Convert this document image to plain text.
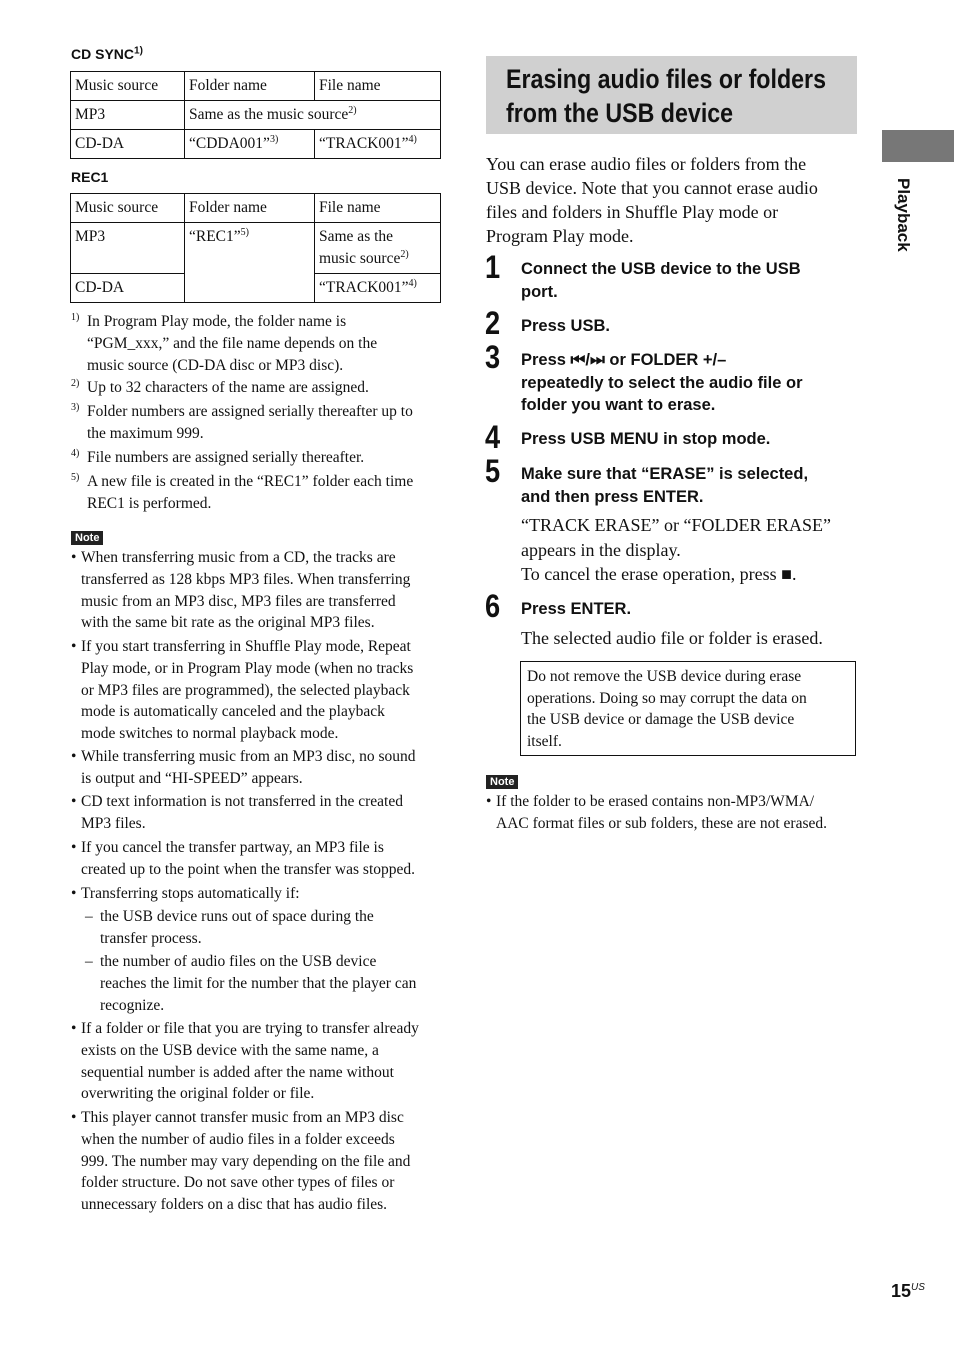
CD SYNC$^{1)}$
Music source	Folder name	File name
MP3	Same as the music source$^{2)}$
CD-DA	“CDDA001”$^{3)}$	“TRACK001”$^{4)}$
REC1
Music source	Folder name	File name
MP3	“REC1”$^{5)}$	Same as the
music source$^{2)}$
CD-DA		“TRACK001”$^{4)}$
1) In Program Play mode, the folder name is
“PGM_xxx,” and the file name depends on the
music source (CD-DA disc or MP3 disc).
2) Up to 32 characters of the name are assigned.
3) Folder numbers are assigned serially thereafter up to
the maximum 999.
4) File numbers are assigned serially thereafter.
5) A new file is created in the “REC1” folder each time
REC1 is performed.
Note
• When transferring music from a CD, the tracks are
transferred as 128 kbps MP3 files. When transferring
music from an MP3 disc, MP3 files are transferred
with the same bit rate as the original MP3 files.
• If you start transferring in Shuffle Play mode, Repeat
Play mode, or in Program Play mode (when no tracks
or MP3 files are programmed), the selected playback
mode is automatically canceled and the playback
mode switches to normal playback mode.
• While transferring music from an MP3 disc, no sound
is output and “HI-SPEED” appears.
• CD text information is not transferred in the created
MP3 files.
• If you cancel the transfer partway, an MP3 file is
created up to the point when the transfer was stopped.
• Transferring stops automatically if:
– the USB device runs out of space during the
transfer process.
– the number of audio files on the USB device
reaches the limit for the number that the player can
recognize.
• If a folder or file that you are trying to transfer already
exists on the USB device with the same name, a
sequential number is added after the name without
overwriting the original folder or file.
• This player cannot transfer music from an MP3 disc
when the number of audio files in a folder exceeds
999. The number may vary depending on the file and
folder structure. Do not save other types of files or
unnecessary folders on a disc that has audio files.
Erasing audio files or folders
from the USB device
You can erase audio files or folders from the
USB device. Note that you cannot erase audio
files and folders in Shuffle Play mode or
Program Play mode.
1 Connect the USB device to the USB
port.
2 Press USB.
3 Press ⏮/⏭ or FOLDER +/–
repeatedly to select the audio file or
folder you want to erase.
4 Press USB MENU in stop mode.
5 Make sure that “ERASE” is selected,
and then press ENTER.
“TRACK ERASE” or “FOLDER ERASE”
appears in the display.
To cancel the erase operation, press ■.
6 Press ENTER.
The selected audio file or folder is erased.
Do not remove the USB device during erase
operations. Doing so may corrupt the data on
the USB device or damage the USB device
itself.
Note
• If the folder to be erased contains non-MP3/WMA/
AAC format files or sub folders, these are not erased.
Playback
$15^{US}$
